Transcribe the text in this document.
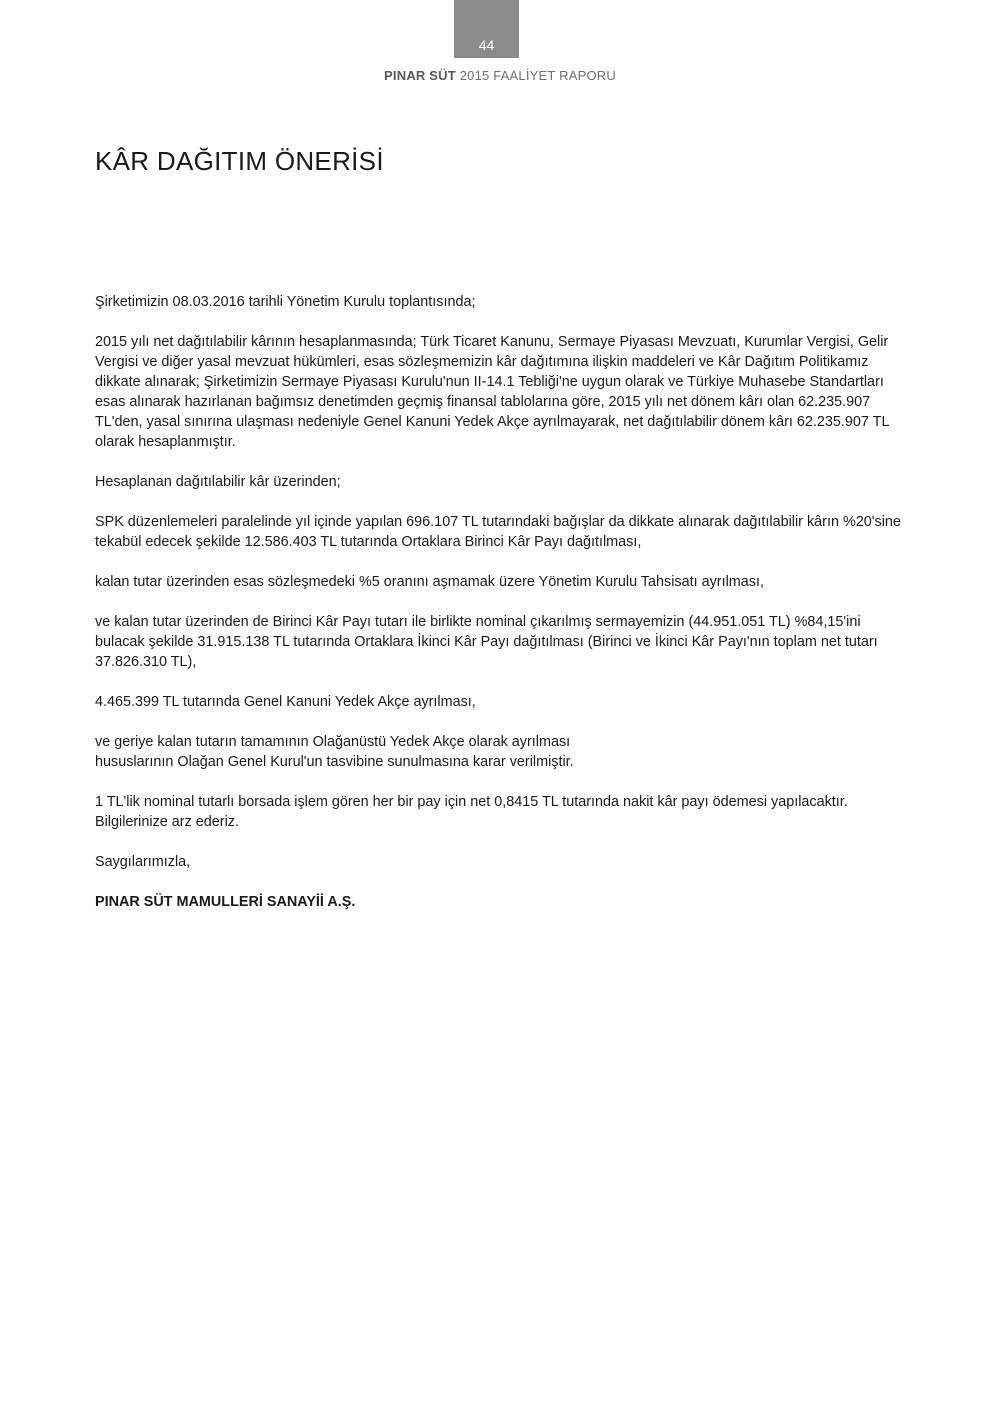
44
PINAR SÜT 2015 FAALİYET RAPORU
KÂR DAĞITIM ÖNERİSİ

Şirketimizin 08.03.2016 tarihli Yönetim Kurulu toplantısında;

2015 yılı net dağıtılabilir kârının hesaplanmasında; Türk Ticaret Kanunu, Sermaye Piyasası Mevzuatı, Kurumlar Vergisi, Gelir Vergisi ve diğer yasal mevzuat hükümleri, esas sözleşmemizin kâr dağıtımına ilişkin maddeleri ve Kâr Dağıtım Politikamız dikkate alınarak; Şirketimizin Sermaye Piyasası Kurulu'nun II-14.1 Tebliği'ne uygun olarak ve Türkiye Muhasebe Standartları esas alınarak hazırlanan bağımsız denetimden geçmiş finansal tablolarına göre, 2015 yılı net dönem kârı olan 62.235.907 TL'den, yasal sınırına ulaşması nedeniyle Genel Kanuni Yedek Akçe ayrılmayarak, net dağıtılabilir dönem kârı 62.235.907 TL olarak hesaplanmıştır.

Hesaplanan dağıtılabilir kâr üzerinden;

SPK düzenlemeleri paralelinde yıl içinde yapılan 696.107 TL tutarındaki bağışlar da dikkate alınarak dağıtılabilir kârın %20'sine tekabül edecek şekilde 12.586.403 TL tutarında Ortaklara Birinci Kâr Payı dağıtılması,

kalan tutar üzerinden esas sözleşmedeki %5 oranını aşmamak üzere Yönetim Kurulu Tahsisatı ayrılması,

ve kalan tutar üzerinden de Birinci Kâr Payı tutarı ile birlikte nominal çıkarılmış sermayemizin (44.951.051 TL) %84,15'ini bulacak şekilde 31.915.138 TL tutarında Ortaklara İkinci Kâr Payı dağıtılması (Birinci ve İkinci Kâr Payı'nın toplam net tutarı 37.826.310 TL),

4.465.399 TL tutarında Genel Kanuni Yedek Akçe ayrılması,

ve geriye kalan tutarın tamamının Olağanüstü Yedek Akçe olarak ayrılması
hususlarının Olağan Genel Kurul'un tasvibine sunulmasına karar verilmiştir.

1 TL'lik nominal tutarlı borsada işlem gören her bir pay için net 0,8415 TL tutarında nakit kâr payı ödemesi yapılacaktır.
Bilgilerinize arz ederiz.

Saygılarımızla,

PINAR SÜT MAMULLERİ SANAYİİ A.Ş.
